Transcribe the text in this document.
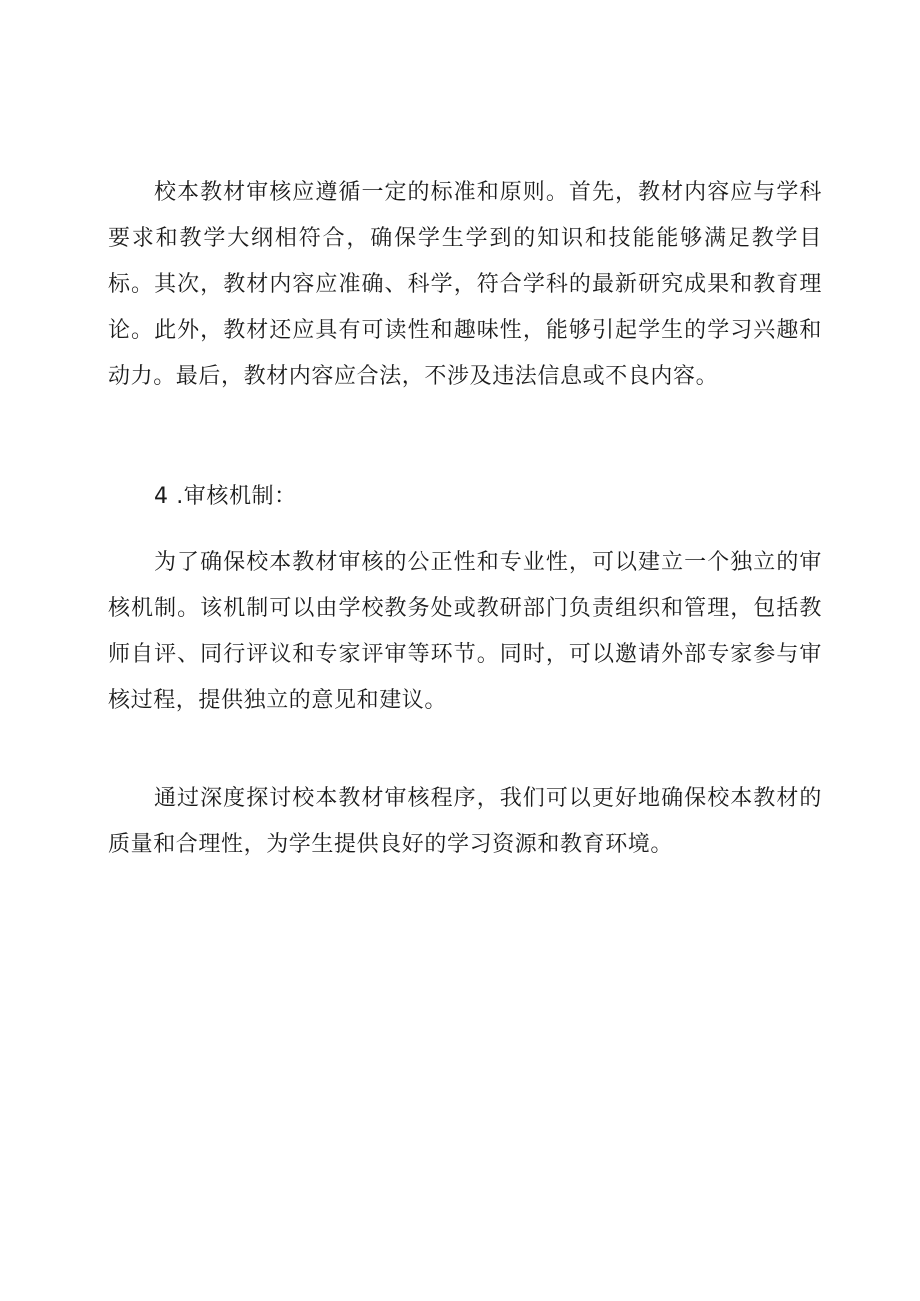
校本教材审核应遵循一定的标准和原则。首先，教材内容应与学科要求和教学大纲相符合，确保学生学到的知识和技能能够满足教学目标。其次，教材内容应准确、科学，符合学科的最新研究成果和教育理论。此外，教材还应具有可读性和趣味性，能够引起学生的学习兴趣和动力。最后，教材内容应合法，不涉及违法信息或不良内容。

4 .审核机制：

为了确保校本教材审核的公正性和专业性，可以建立一个独立的审核机制。该机制可以由学校教务处或教研部门负责组织和管理，包括教师自评、同行评议和专家评审等环节。同时，可以邀请外部专家参与审核过程，提供独立的意见和建议。

通过深度探讨校本教材审核程序，我们可以更好地确保校本教材的质量和合理性，为学生提供良好的学习资源和教育环境。
